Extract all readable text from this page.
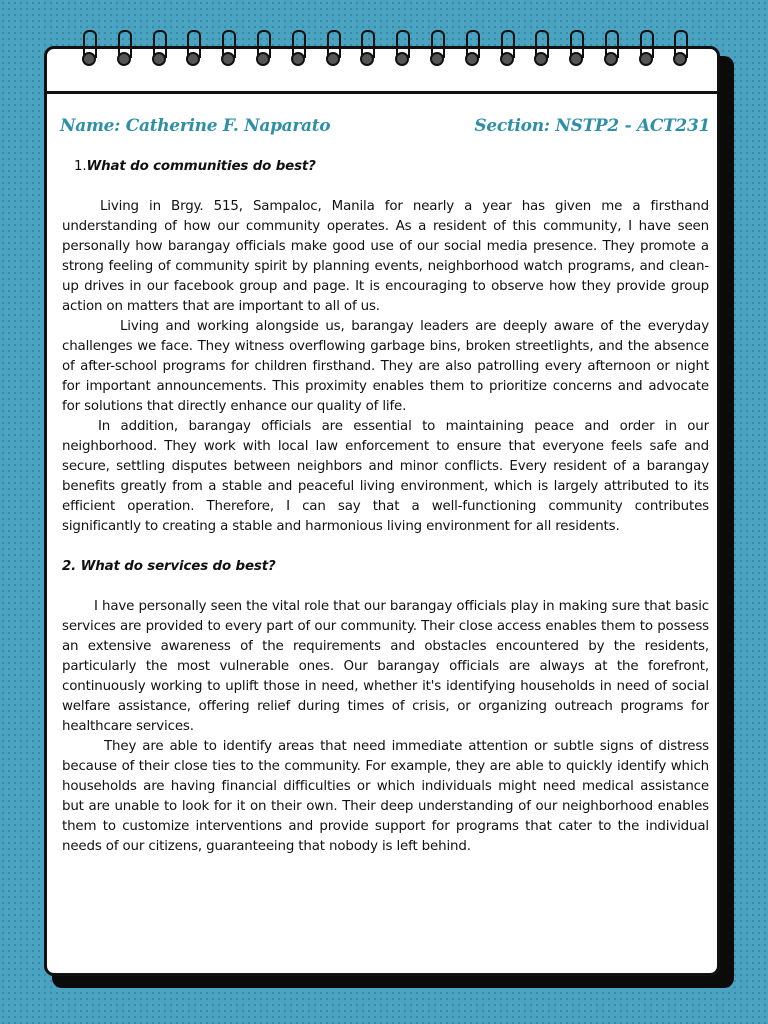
Name: Catherine F. Naparato	Section: NSTP2 - ACT231

1.What do communities do best?

Living in Brgy. 515, Sampaloc, Manila for nearly a year has given me a firsthand understanding of how our community operates. As a resident of this community, I have seen personally how barangay officials make good use of our social media presence. They promote a strong feeling of community spirit by planning events, neighborhood watch programs, and clean-up drives in our facebook group and page. It is encouraging to observe how they provide group action on matters that are important to all of us.

Living and working alongside us, barangay leaders are deeply aware of the everyday challenges we face. They witness overflowing garbage bins, broken streetlights, and the absence of after-school programs for children firsthand. They are also patrolling every afternoon or night for important announcements. This proximity enables them to prioritize concerns and advocate for solutions that directly enhance our quality of life.

In addition, barangay officials are essential to maintaining peace and order in our neighborhood. They work with local law enforcement to ensure that everyone feels safe and secure, settling disputes between neighbors and minor conflicts. Every resident of a barangay benefits greatly from a stable and peaceful living environment, which is largely attributed to its efficient operation. Therefore, I can say that a well-functioning community contributes significantly to creating a stable and harmonious living environment for all residents.

2. What do services do best?

I have personally seen the vital role that our barangay officials play in making sure that basic services are provided to every part of our community. Their close access enables them to possess an extensive awareness of the requirements and obstacles encountered by the residents, particularly the most vulnerable ones. Our barangay officials are always at the forefront, continuously working to uplift those in need, whether it's identifying households in need of social welfare assistance, offering relief during times of crisis, or organizing outreach programs for healthcare services.

They are able to identify areas that need immediate attention or subtle signs of distress because of their close ties to the community. For example, they are able to quickly identify which households are having financial difficulties or which individuals might need medical assistance but are unable to look for it on their own. Their deep understanding of our neighborhood enables them to customize interventions and provide support for programs that cater to the individual needs of our citizens, guaranteeing that nobody is left behind.
